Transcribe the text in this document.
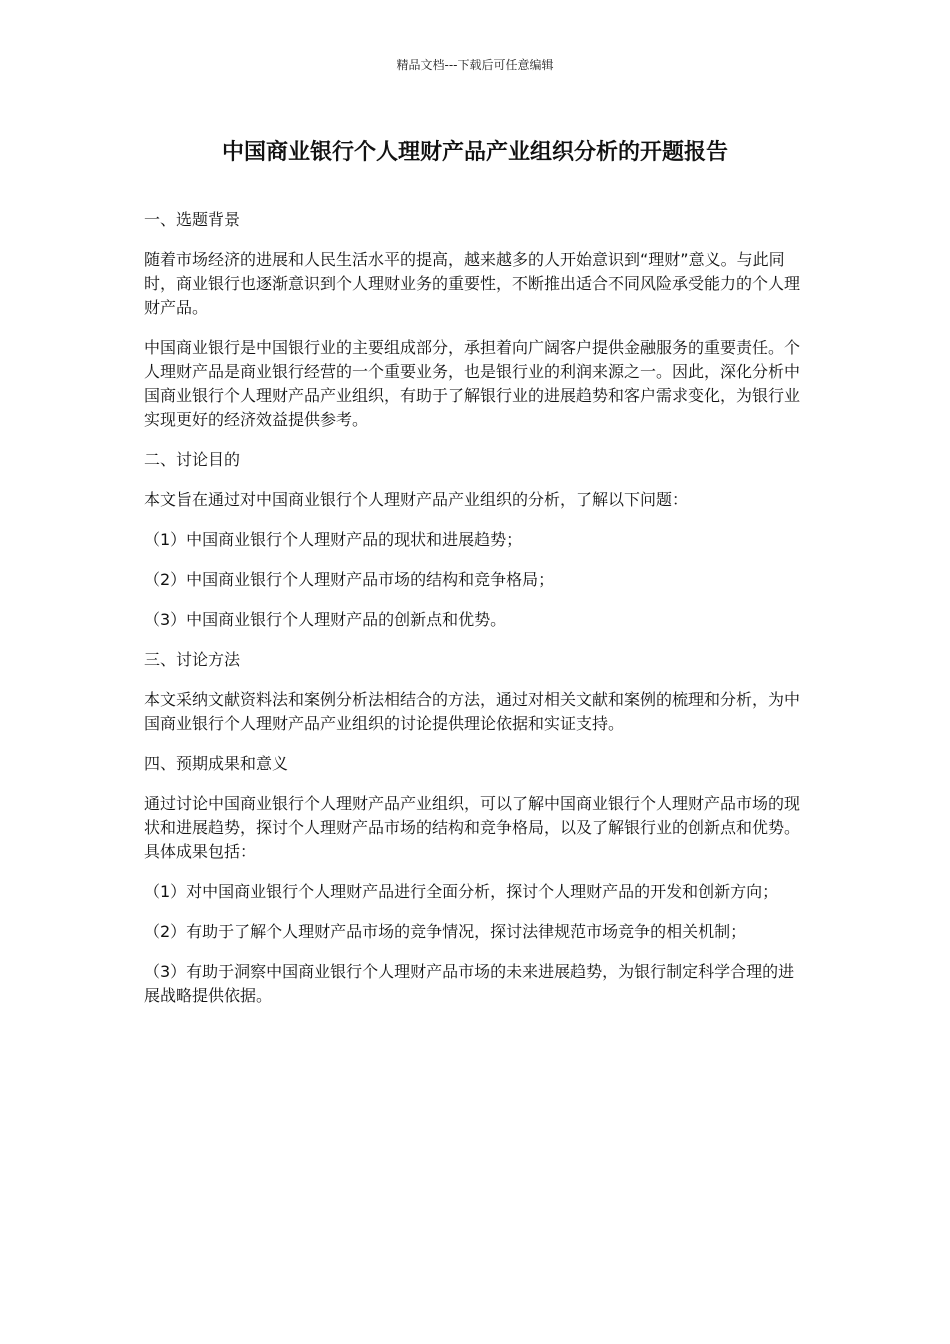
精品文档---下载后可任意编辑
中国商业银行个人理财产品产业组织分析的开题报告

一、选题背景

随着市场经济的进展和人民生活水平的提高，越来越多的人开始意识到“理财”意义。与此同时，商业银行也逐渐意识到个人理财业务的重要性，不断推出适合不同风险承受能力的个人理财产品。

中国商业银行是中国银行业的主要组成部分，承担着向广阔客户提供金融服务的重要责任。个人理财产品是商业银行经营的一个重要业务，也是银行业的利润来源之一。因此，深化分析中国商业银行个人理财产品产业组织，有助于了解银行业的进展趋势和客户需求变化，为银行业实现更好的经济效益提供参考。

二、讨论目的

本文旨在通过对中国商业银行个人理财产品产业组织的分析，了解以下问题：

（1）中国商业银行个人理财产品的现状和进展趋势；

（2）中国商业银行个人理财产品市场的结构和竞争格局；

（3）中国商业银行个人理财产品的创新点和优势。

三、讨论方法

本文采纳文献资料法和案例分析法相结合的方法，通过对相关文献和案例的梳理和分析，为中国商业银行个人理财产品产业组织的讨论提供理论依据和实证支持。

四、预期成果和意义

通过讨论中国商业银行个人理财产品产业组织，可以了解中国商业银行个人理财产品市场的现状和进展趋势，探讨个人理财产品市场的结构和竞争格局，以及了解银行业的创新点和优势。具体成果包括：

（1）对中国商业银行个人理财产品进行全面分析，探讨个人理财产品的开发和创新方向；

（2）有助于了解个人理财产品市场的竞争情况，探讨法律规范市场竞争的相关机制；

（3）有助于洞察中国商业银行个人理财产品市场的未来进展趋势，为银行制定科学合理的进展战略提供依据。
